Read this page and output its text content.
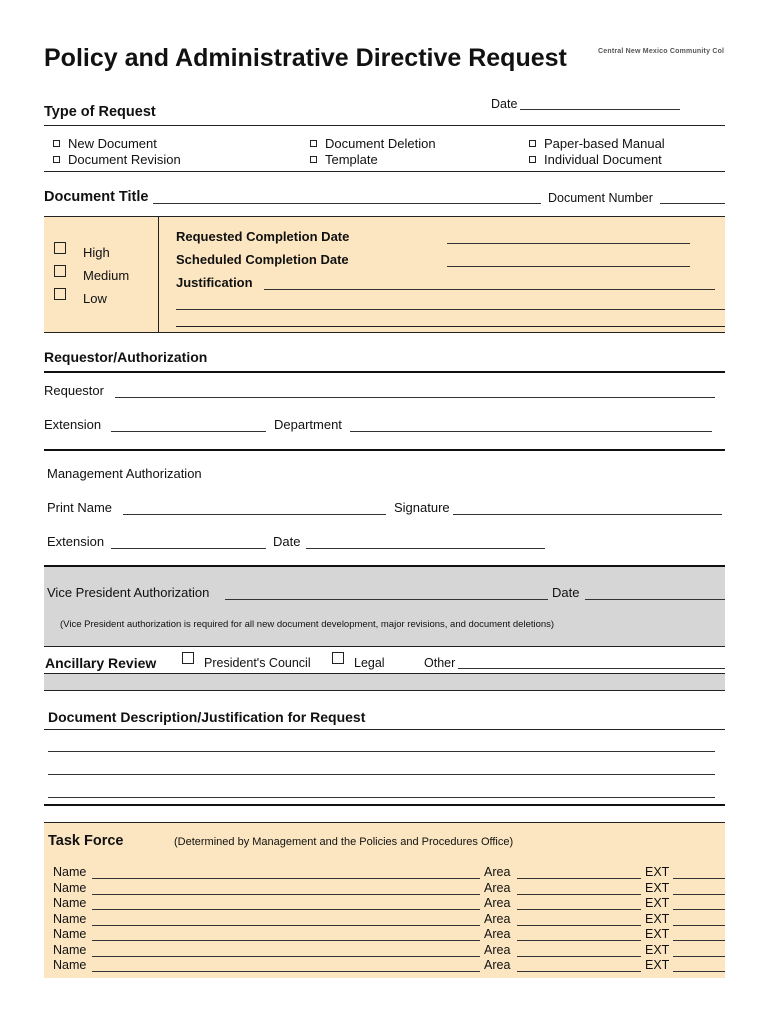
Policy and Administrative Directive Request	Central New Mexico Community Col
Type of Request	Date
New Document
Document Revision
Document Deletion
Template
Paper-based Manual
Individual Document
Document Title	Document Number
High
Medium
Low
Requested Completion Date
Scheduled Completion Date
Justification
Requestor/Authorization
Requestor
Extension	Department
Management Authorization
Print Name	Signature
Extension	Date
Vice President Authorization	Date
(Vice President authorization is required for all new document development, major revisions, and document deletions)
Ancillary Review	President's Council	Legal	Other
Document Description/Justification for Request
Task Force	(Determined by Management and the Policies and Procedures Office)
Name	Area	EXT
Name	Area	EXT
Name	Area	EXT
Name	Area	EXT
Name	Area	EXT
Name	Area	EXT
Name	Area	EXT
